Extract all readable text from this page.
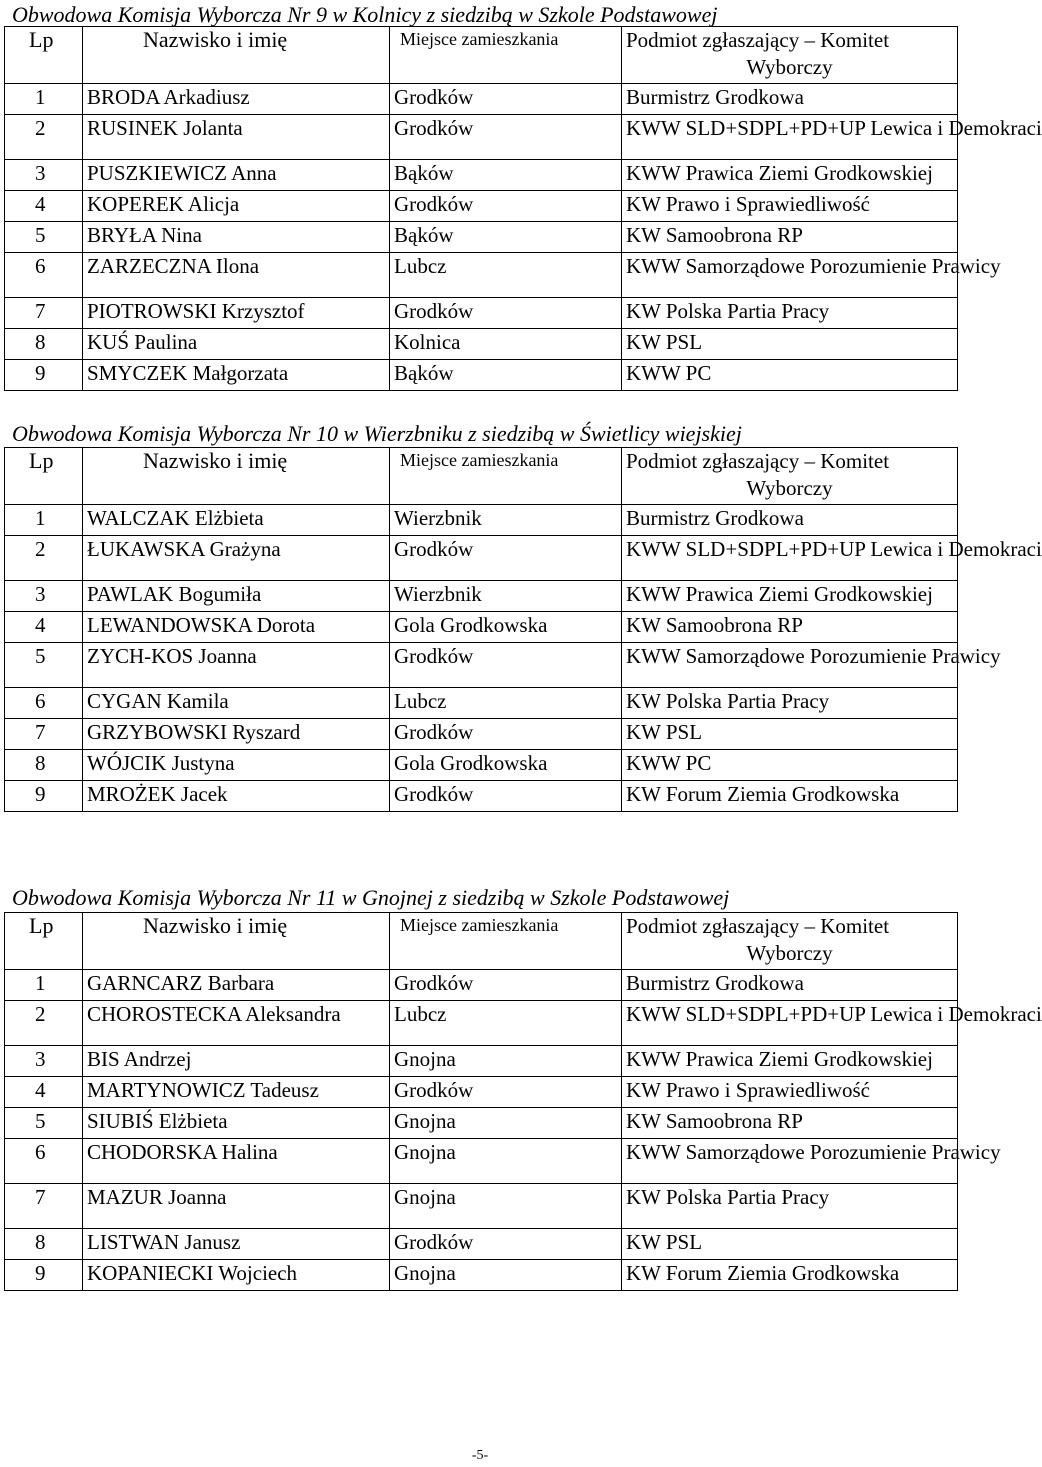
Obwodowa Komisja Wyborcza Nr 9 w Kolnicy z siedzibą w Szkole Podstawowej
Lp	Nazwisko i imię	Miejsce zamieszkania	Podmiot zgłaszający – Komitet
Wyborczy

1	BRODA Arkadiusz	Grodków	Burmistrz Grodkowa
2	RUSINEK Jolanta	Grodków	KWW SLD+SDPL+PD+UP Lewica i Demokraci
3	PUSZKIEWICZ Anna	Bąków	KWW Prawica Ziemi Grodkowskiej
4	KOPEREK Alicja	Grodków	KW Prawo i Sprawiedliwość
5	BRYŁA Nina	Bąków	KW Samoobrona RP
6	ZARZECZNA Ilona	Lubcz	KWW Samorządowe Porozumienie Prawicy
7	PIOTROWSKI Krzysztof	Grodków	KW Polska Partia Pracy
8	KUŚ Paulina	Kolnica	KW PSL
9	SMYCZEK Małgorzata	Bąków	KWW PC
Obwodowa Komisja Wyborcza Nr 10 w Wierzbniku z siedzibą w Świetlicy wiejskiej
Lp	Nazwisko i imię	Miejsce zamieszkania	Podmiot zgłaszający – Komitet
Wyborczy

1	WALCZAK Elżbieta	Wierzbnik	Burmistrz Grodkowa
2	ŁUKAWSKA Grażyna	Grodków	KWW SLD+SDPL+PD+UP Lewica i Demokraci
3	PAWLAK Bogumiła	Wierzbnik	KWW Prawica Ziemi Grodkowskiej
4	LEWANDOWSKA Dorota	Gola Grodkowska	KW Samoobrona RP
5	ZYCH-KOS Joanna	Grodków	KWW Samorządowe Porozumienie Prawicy
6	CYGAN Kamila	Lubcz	KW Polska Partia Pracy
7	GRZYBOWSKI Ryszard	Grodków	KW PSL
8	WÓJCIK Justyna	Gola Grodkowska	KWW PC
9	MROŻEK Jacek	Grodków	KW Forum Ziemia Grodkowska
Obwodowa Komisja Wyborcza Nr 11 w Gnojnej z siedzibą w Szkole Podstawowej
Lp	Nazwisko i imię	Miejsce zamieszkania	Podmiot zgłaszający – Komitet
Wyborczy

1	GARNCARZ Barbara	Grodków	Burmistrz Grodkowa
2	CHOROSTECKA Aleksandra	Lubcz	KWW SLD+SDPL+PD+UP Lewica i Demokraci
3	BIS Andrzej	Gnojna	KWW Prawica Ziemi Grodkowskiej
4	MARTYNOWICZ Tadeusz	Grodków	KW Prawo i Sprawiedliwość
5	SIUBIŚ Elżbieta	Gnojna	KW Samoobrona RP
6	CHODORSKA Halina	Gnojna	KWW Samorządowe Porozumienie Prawicy
7	MAZUR Joanna	Gnojna	KW Polska Partia Pracy
8	LISTWAN Janusz	Grodków	KW PSL
9	KOPANIECKI Wojciech	Gnojna	KW Forum Ziemia Grodkowska
-5-
